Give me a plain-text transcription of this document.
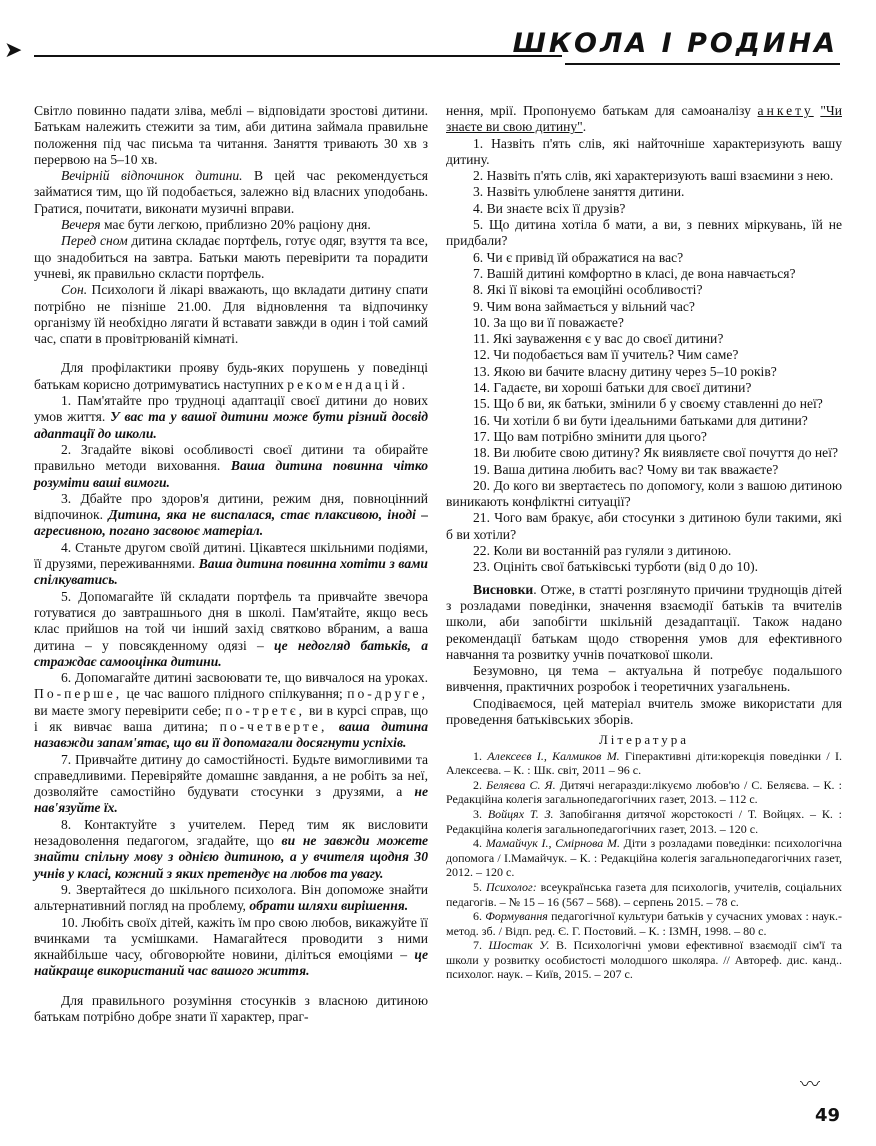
➤	ШКОЛА І РОДИНА

Світло повинно падати зліва, меблі – відповідати зростові дитини. Батькам належить стежити за тим, аби дитина займала правильне положення під час письма та читання. Заняття тривають 30 хв з перервою на 5–10 хв.

Вечірній відпочинок дитини. В цей час рекомендується займатися тим, що їй подобається, залежно від власних уподобань. Гратися, почитати, виконати музичні вправи.

Вечеря має бути легкою, приблизно 20% раціону дня.

Перед сном дитина складає портфель, готує одяг, взуття та все, що знадобиться на завтра. Батьки мають перевірити та порадити учневі, як правильно скласти портфель.

Сон. Психологи й лікарі вважають, що вкладати дитину спати потрібно не пізніше 21.00. Для відновлення та відпочинку організму їй необхідно лягати й вставати завжди в один і той самий час, спати в провітрюваній кімнаті.

Для профілактики прояву будь-яких порушень у поведінці батькам корисно дотримуватись наступних рекомендацій.

1. Пам'ятайте про трудноці адаптації своєї дитини до нових умов життя. У вас та у вашої дитини може бути різний досвід адаптації до школи.

2. Згадайте вікові особливості своєї дитини та обирайте правильно методи виховання. Ваша дитина повинна чітко розуміти ваші вимоги.

3. Дбайте про здоров'я дитини, режим дня, повноцінний відпочинок. Дитина, яка не виспалася, стає плаксивою, іноді – агресивною, погано засвоює матеріал.

4. Станьте другом своїй дитині. Цікавтеся шкільними подіями, її друзями, переживаннями. Ваша дитина повинна хотіти з вами спілкуватись.

5. Допомагайте їй складати портфель та привчайте звечора готуватися до завтрашнього дня в школі. Пам'ятайте, якщо весь клас прийшов на той чи інший захід святково вбраним, а ваша дитина – у повсякденному одязі – це недогляд батьків, а страждає самооцінка дитини.

6. Допомагайте дитині засвоювати те, що вивчалося на уроках. По-перше, це час вашого плідного спілкування; по-друге, ви маєте змогу перевірити себе; по-третє, ви в курсі справ, що і як вивчає ваша дитина; по-четверте, ваша дитина назавжди запам'ятає, що ви її допомагали досягнути успіхів.

7. Привчайте дитину до самостійності. Будьте вимогливими та справедливими. Перевіряйте домашнє завдання, а не робіть за неї, дозволяйте самостійно будувати стосунки з друзями, а не нав'язуйте їх.

8. Контактуйте з учителем. Перед тим як висловити незадоволення педагогом, згадайте, що ви не завжди можете знайти спільну мову з однією дитиною, а у вчителя щодня 30 учнів у класі, кожний з яких претендує на любов та увагу.

9. Звертайтеся до шкільного психолога. Він допоможе знайти альтернативний погляд на проблему, обрати шляхи вирішення.

10. Любіть своїх дітей, кажіть їм про свою любов, викажуйте її вчинками та усмішками. Намагайтеся проводити з ними якнайбільше часу, обговорюйте новини, діліться емоціями – це найкраще використаний час вашого життя.

Для правильного розуміння стосунків з власною дитиною батькам потрібно добре знати її характер, праг-

нення, мрії. Пропонуємо батькам для самоаналізу анкету "Чи знаєте ви свою дитину".

1. Назвіть п'ять слів, які найточніше характеризують вашу дитину.

2. Назвіть п'ять слів, які характеризують ваші взаємини з нею.

3. Назвіть улюблене заняття дитини.

4. Ви знаєте всіх її друзів?

5. Що дитина хотіла б мати, а ви, з певних міркувань, їй не придбали?

6. Чи є привід їй ображатися на вас?

7. Вашій дитині комфортно в класі, де вона навчається?

8. Які її вікові та емоційні особливості?

9. Чим вона займається у вільний час?

10. За що ви її поважаєте?

11. Які зауваження є у вас до своєї дитини?

12. Чи подобається вам її учитель? Чим саме?

13. Якою ви бачите власну дитину через 5–10 років?

14. Гадаєте, ви хороші батьки для своєї дитини?

15. Що б ви, як батьки, змінили б у своєму ставленні до неї?

16. Чи хотіли б ви бути ідеальними батьками для дитини?

17. Що вам потрібно змінити для цього?

18. Ви любите свою дитину? Як виявляєте свої почуття до неї?

19. Ваша дитина любить вас? Чому ви так вважаєте?

20. До кого ви звертаєтесь по допомогу, коли з вашою дитиною виникають конфліктні ситуації?

21. Чого вам бракує, аби стосунки з дитиною були такими, які б ви хотіли?

22. Коли ви востанній раз гуляли з дитиною.

23. Оцініть свої батьківські турботи (від 0 до 10).

Висновки. Отже, в статті розглянуто причини труднощів дітей з розладами поведінки, значення взаємодії батьків та вчителів школи, аби запобігти шкільній дезадаптації. Також надано рекомендації батькам щодо створення умов для ефективного навчання та розвитку учнів початкової школи.

Безумовно, ця тема – актуальна й потребує подальшого вивчення, практичних розробок і теоретичних узагальнень.

Сподіваємося, цей матеріал вчитель зможе використати для проведення батьківських зборів.

Література

1. Алексеєв І., Калмиков М. Гіперактивні діти:корекція поведінки / І. Алексеєва. – К. : Шк. світ, 2011 – 96 с.

2. Беляєва С. Я. Дитячі негаразди:лікуємо любов'ю / С. Беляєва. – К. : Редакційна колегія загальнопедагогічних газет, 2013. – 112 с.

3. Войцях Т. З. Запобігання дитячої жорстокості / Т. Войцях. – К. : Редакційна колегія загальнопедагогічних газет, 2013. – 120 с.

4. Мамайчук І., Смірнова М. Діти з розладами поведінки: психологічна допомога / І.Мамайчук. – К. : Редакційна колегія загальнопедагогічних газет, 2012. – 120 с.

5. Психолог: всеукраїнська газета для психологів, учителів, соціальних педагогів. – № 15 – 16 (567 – 568). – серпень 2015. – 78 с.

6. Формування педагогічної культури батьків у сучасних умовах : наук.-метод. зб. / Відп. ред. Є. Г. Постовий. – К. : ІЗМН, 1998. – 80 с.

7. Шостак У. В. Психологічні умови ефективної взаємодії сім'ї та школи у розвитку особистості молодшого школяра. // Автореф. дис. канд.. психолог. наук. – Київ, 2015. – 207 с.

〰
49
